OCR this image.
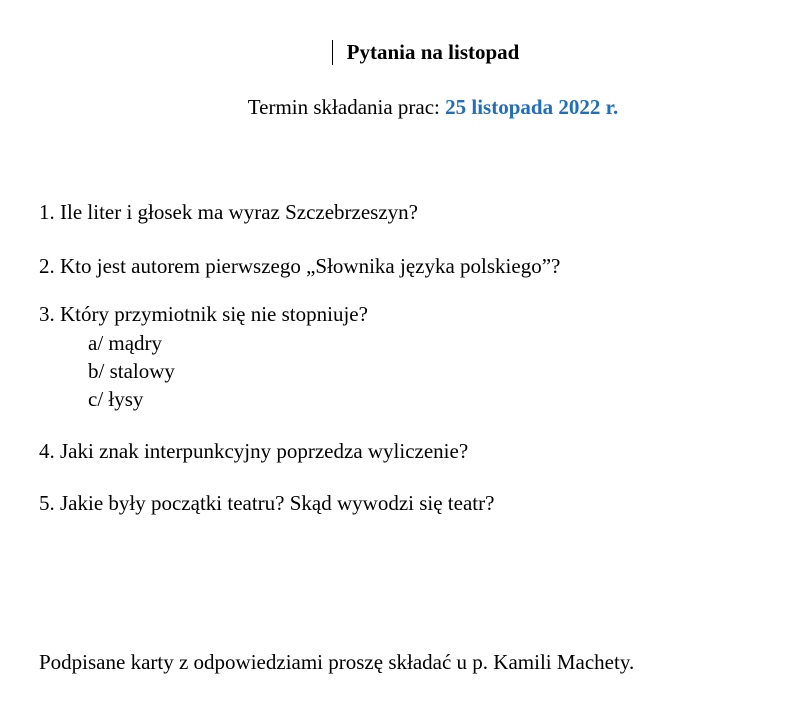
Pytania na listopad
Termin składania prac: 25 listopada 2022 r.
1. Ile liter i głosek ma wyraz Szczebrzeszyn?
2. Kto jest autorem pierwszego „Słownika języka polskiego”?
3. Który przymiotnik się nie stopniuje?
a/ mądry
b/ stalowy
c/ łysy
4. Jaki znak interpunkcyjny poprzedza wyliczenie?
5. Jakie były początki teatru? Skąd wywodzi się teatr?
Podpisane karty z odpowiedziami proszę składać u p. Kamili Machety.
